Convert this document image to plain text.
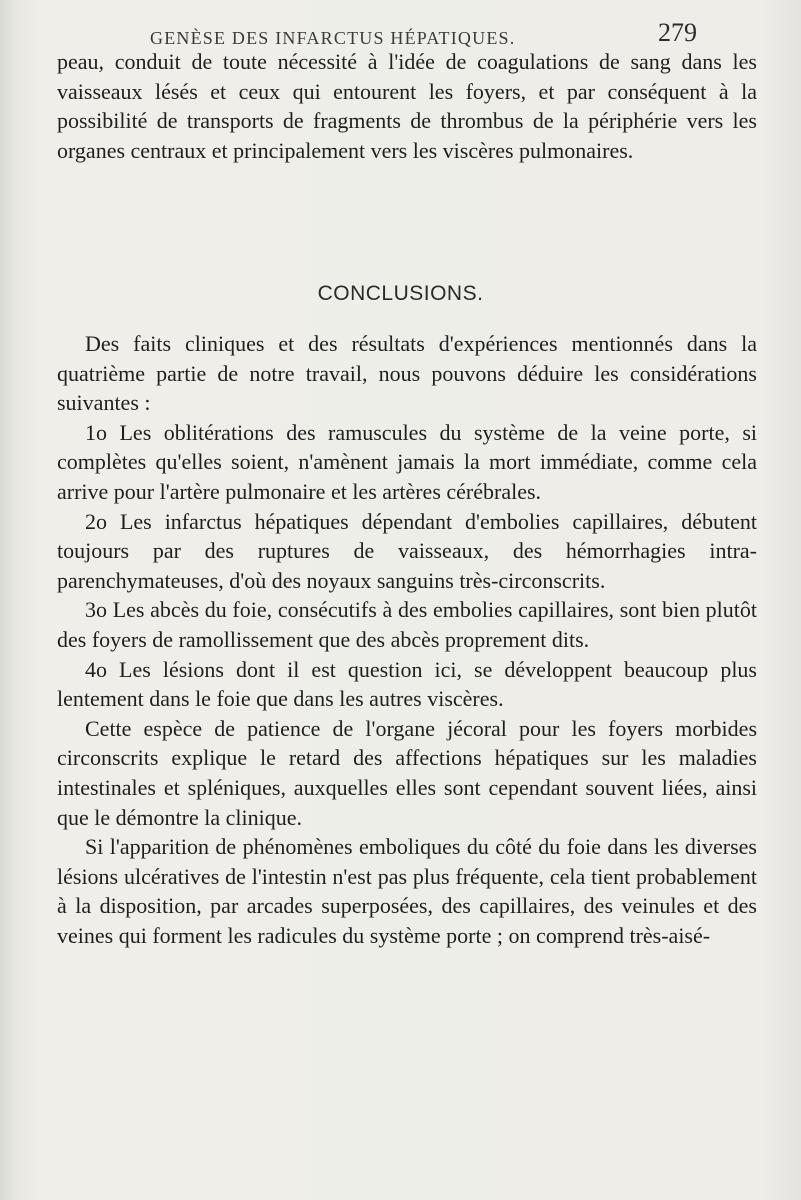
GENÈSE DES INFARCTUS HÉPATIQUES.	279

peau, conduit de toute nécessité à l'idée de coagulations de sang dans les vaisseaux lésés et ceux qui entourent les foyers, et par conséquent à la possibilité de transports de fragments de thrombus de la périphérie vers les organes centraux et principalement vers les viscères pulmonaires.

CONCLUSIONS.

Des faits cliniques et des résultats d'expériences mentionnés dans la quatrième partie de notre travail, nous pouvons déduire les considérations suivantes :

1o Les oblitérations des ramuscules du système de la veine porte, si complètes qu'elles soient, n'amènent jamais la mort immédiate, comme cela arrive pour l'artère pulmonaire et les artères cérébrales.

2o Les infarctus hépatiques dépendant d'embolies capillaires, débutent toujours par des ruptures de vaisseaux, des hémorrhagies intra-parenchymateuses, d'où des noyaux sanguins très-circonscrits.

3o Les abcès du foie, consécutifs à des embolies capillaires, sont bien plutôt des foyers de ramollissement que des abcès proprement dits.

4o Les lésions dont il est question ici, se développent beaucoup plus lentement dans le foie que dans les autres viscères.

Cette espèce de patience de l'organe jécoral pour les foyers morbides circonscrits explique le retard des affections hépatiques sur les maladies intestinales et spléniques, auxquelles elles sont cependant souvent liées, ainsi que le démontre la clinique.

Si l'apparition de phénomènes emboliques du côté du foie dans les diverses lésions ulcératives de l'intestin n'est pas plus fréquente, cela tient probablement à la disposition, par arcades superposées, des capillaires, des veinules et des veines qui forment les radicules du système porte ; on comprend très-aisé-
